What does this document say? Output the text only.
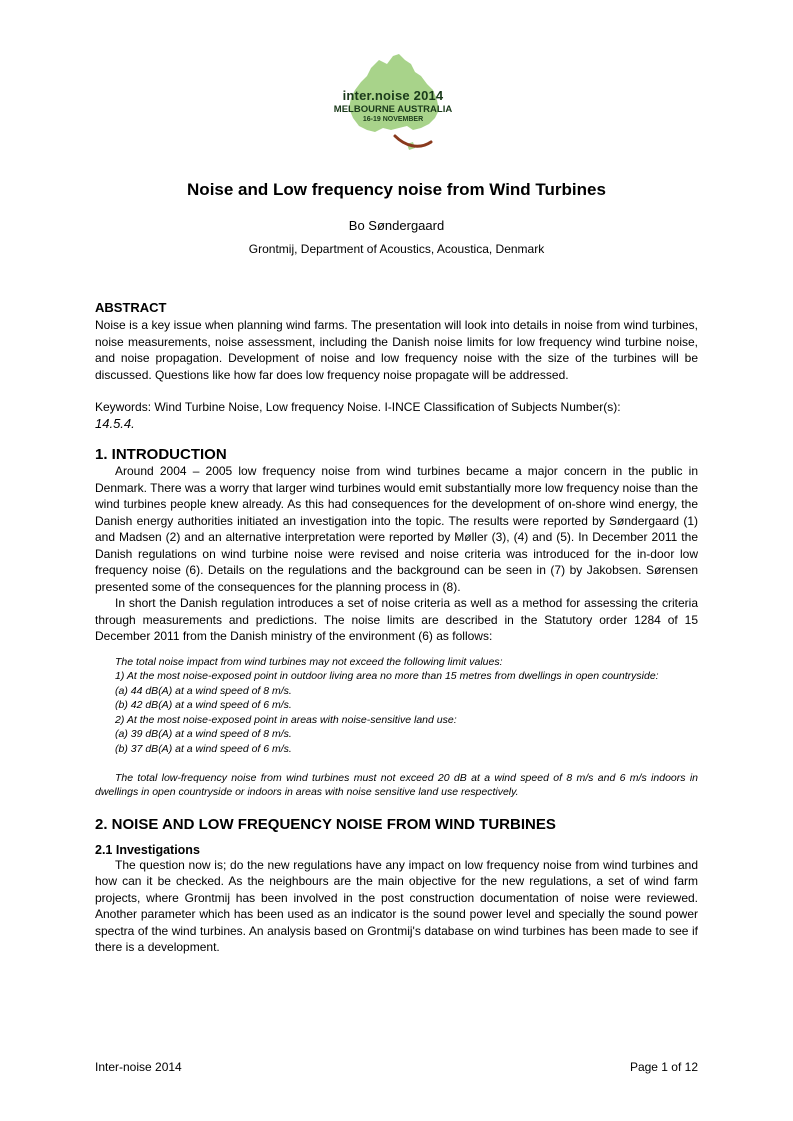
inter.noise 2014
MELBOURNE AUSTRALIA
16-19 NOVEMBER
Noise and Low frequency noise from Wind Turbines
Bo Søndergaard
Grontmij, Department of Acoustics, Acoustica, Denmark
ABSTRACT

Noise is a key issue when planning wind farms. The presentation will look into details in noise from wind turbines, noise measurements, noise assessment, including the Danish noise limits for low frequency wind turbine noise, and noise propagation. Development of noise and low frequency noise with the size of the turbines will be discussed. Questions like how far does low frequency noise propagate will be addressed.

Keywords: Wind Turbine Noise, Low frequency Noise. I-INCE Classification of Subjects Number(s):
14.5.4.

1. INTRODUCTION

Around 2004 – 2005 low frequency noise from wind turbines became a major concern in the public in Denmark. There was a worry that larger wind turbines would emit substantially more low frequency noise than the wind turbines people knew already. As this had consequences for the development of on-shore wind energy, the Danish energy authorities initiated an investigation into the topic. The results were reported by Søndergaard (1) and Madsen (2) and an alternative interpretation were reported by Møller (3), (4) and (5). In December 2011 the Danish regulations on wind turbine noise were revised and noise criteria was introduced for the in-door low frequency noise (6). Details on the regulations and the background can be seen in (7) by Jakobsen. Sørensen presented some of the consequences for the planning process in (8).

In short the Danish regulation introduces a set of noise criteria as well as a method for assessing the criteria through measurements and predictions. The noise limits are described in the Statutory order 1284 of 15 December 2011 from the Danish ministry of the environment (6) as follows:

The total noise impact from wind turbines may not exceed the following limit values:

1) At the most noise-exposed point in outdoor living area no more than 15 metres from dwellings in open countryside:

(a) 44 dB(A) at a wind speed of 8 m/s.

(b) 42 dB(A) at a wind speed of 6 m/s.

2) At the most noise-exposed point in areas with noise-sensitive land use:

(a) 39 dB(A) at a wind speed of 8 m/s.

(b) 37 dB(A) at a wind speed of 6 m/s.

The total low-frequency noise from wind turbines must not exceed 20 dB at a wind speed of 8 m/s and 6 m/s indoors in dwellings in open countryside or indoors in areas with noise sensitive land use respectively.

2. NOISE AND LOW FREQUENCY NOISE FROM WIND TURBINES
2.1 Investigations

The question now is; do the new regulations have any impact on low frequency noise from wind turbines and how can it be checked. As the neighbours are the main objective for the new regulations, a set of wind farm projects, where Grontmij has been involved in the post construction documentation of noise were reviewed. Another parameter which has been used as an indicator is the sound power level and specially the sound power spectra of the wind turbines. An analysis based on Grontmij's database on wind turbines has been made to see if there is a development.

Inter-noise 2014	Page 1 of 12
